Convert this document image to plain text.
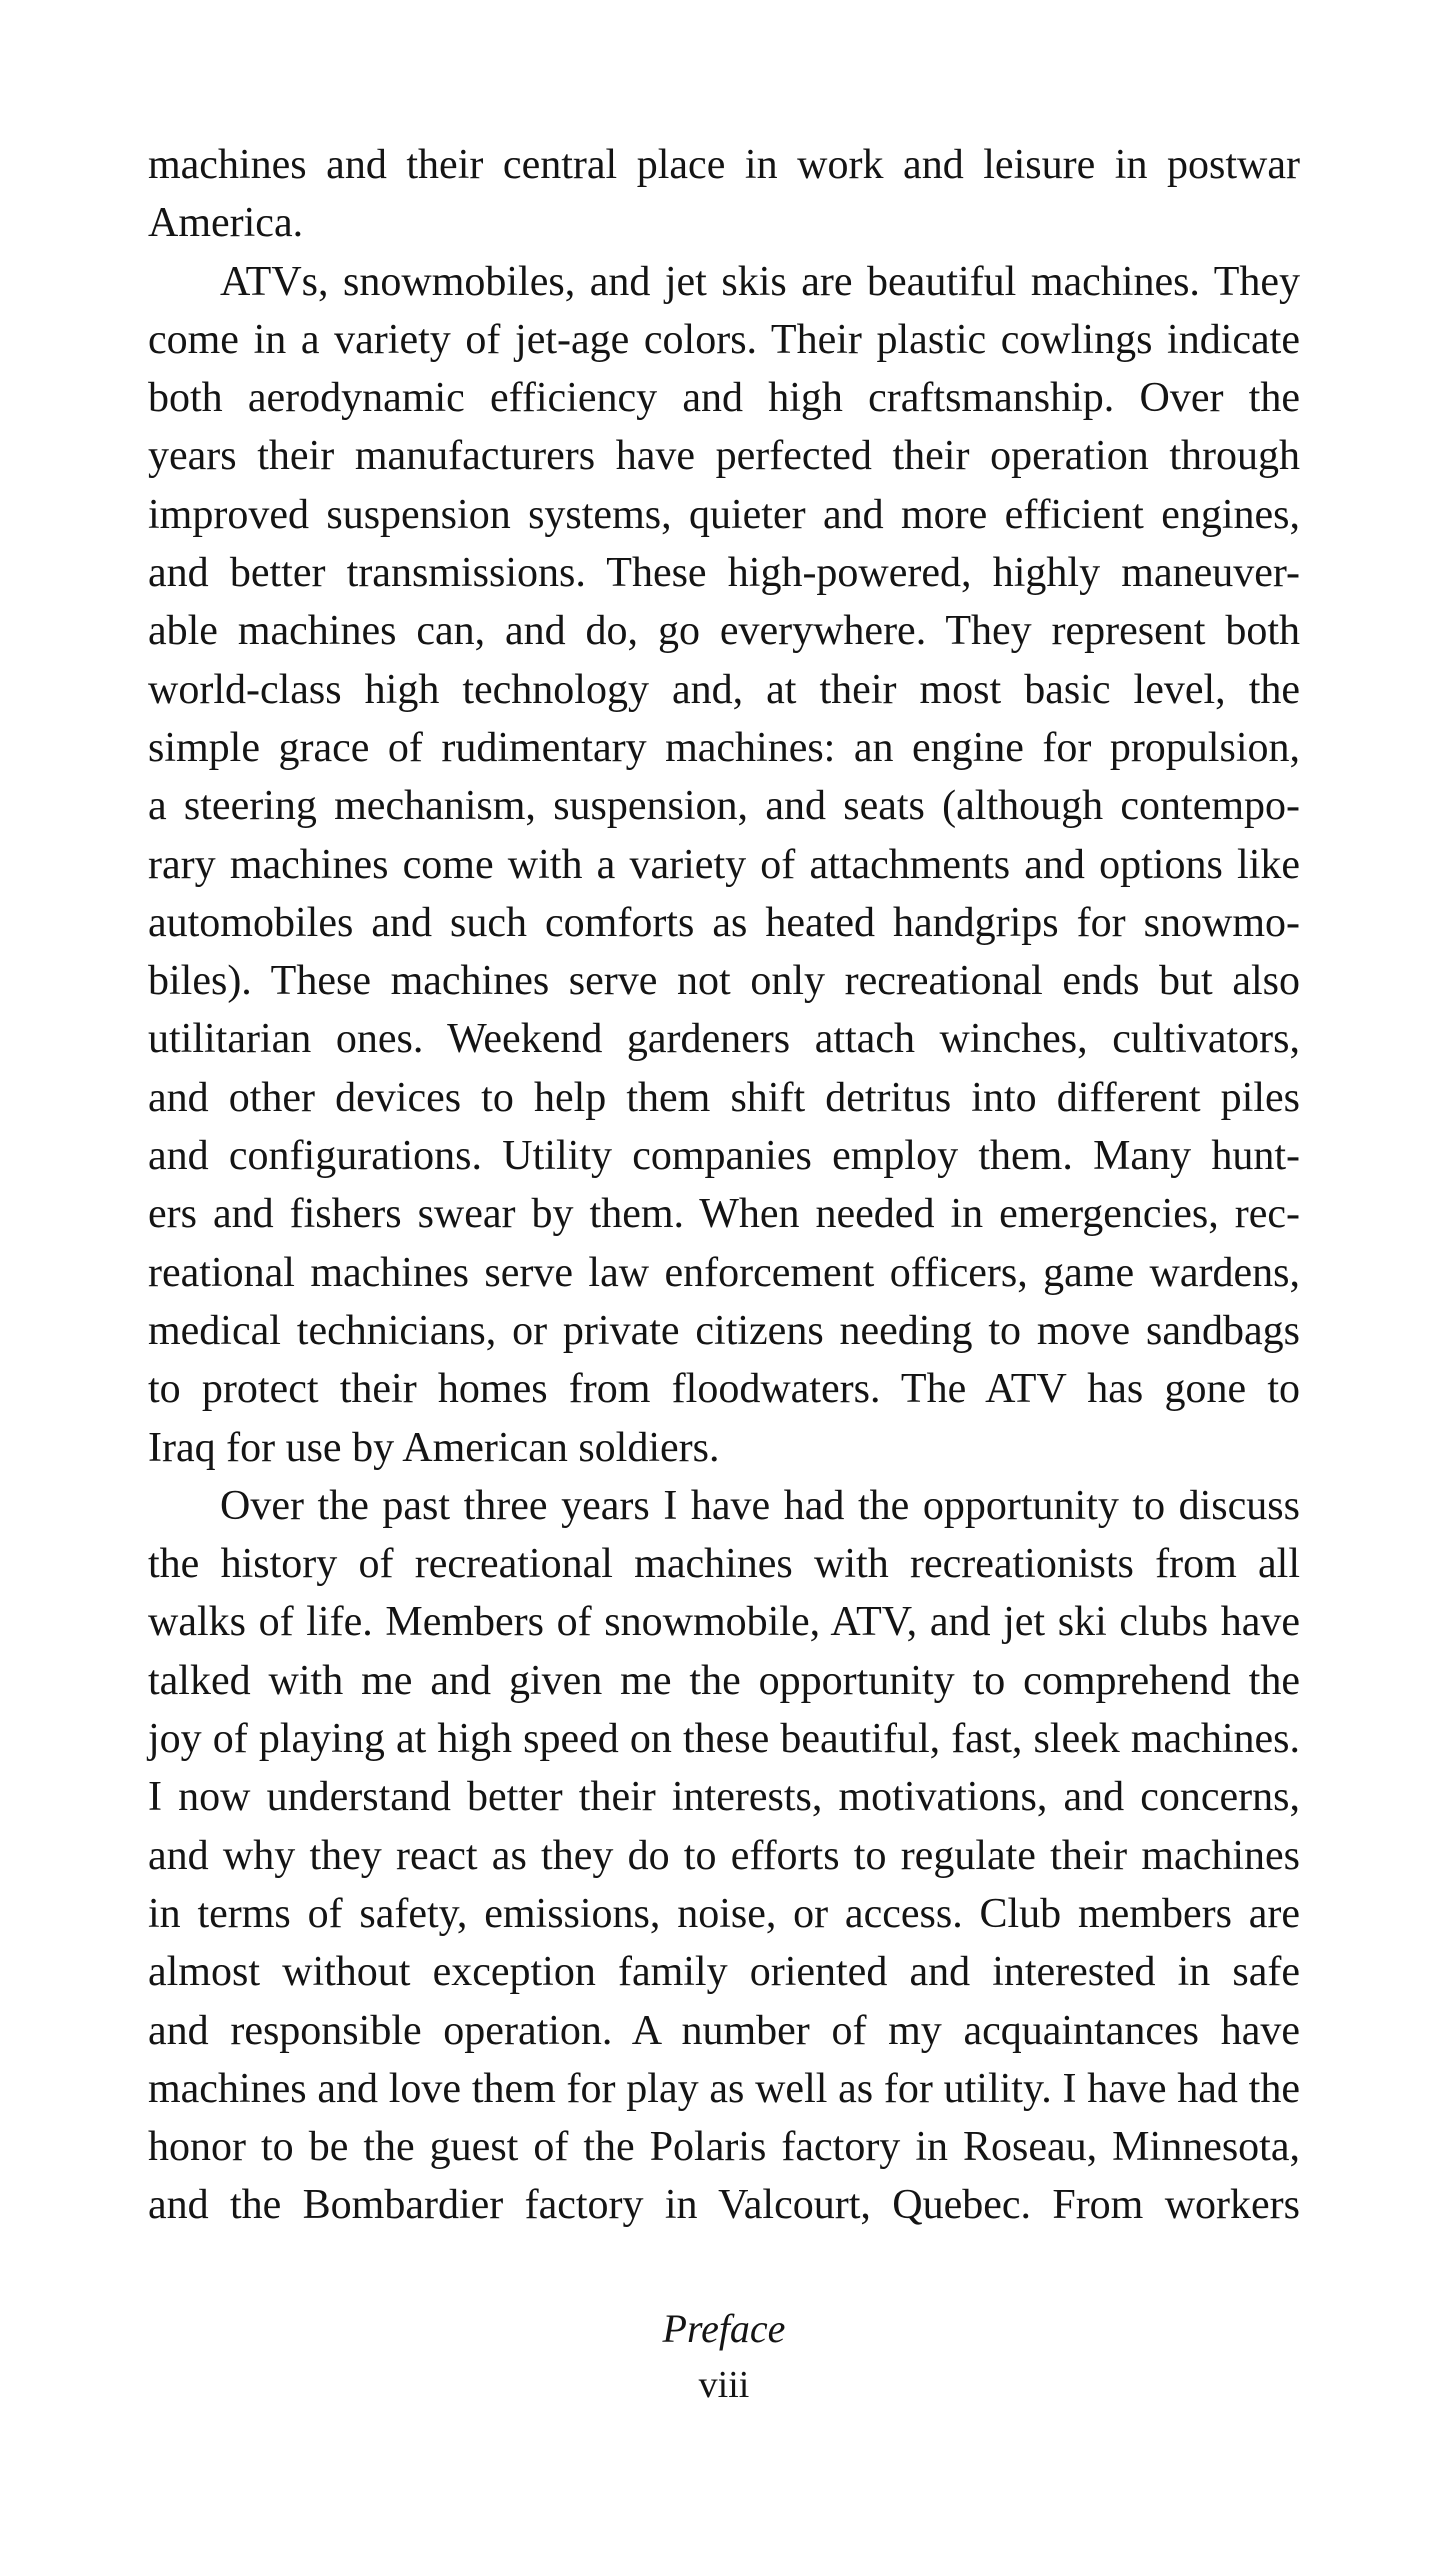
machines and their central place in work and leisure in postwar
America.
ATVs, snowmobiles, and jet skis are beautiful machines. They
come in a variety of jet-age colors. Their plastic cowlings indicate
both aerodynamic efficiency and high craftsmanship. Over the
years their manufacturers have perfected their operation through
improved suspension systems, quieter and more efficient engines,
and better transmissions. These high-powered, highly maneuver-
able machines can, and do, go everywhere. They represent both
world-class high technology and, at their most basic level, the
simple grace of rudimentary machines: an engine for propulsion,
a steering mechanism, suspension, and seats (although contempo-
rary machines come with a variety of attachments and options like
automobiles and such comforts as heated handgrips for snowmo-
biles). These machines serve not only recreational ends but also
utilitarian ones. Weekend gardeners attach winches, cultivators,
and other devices to help them shift detritus into different piles
and configurations. Utility companies employ them. Many hunt-
ers and fishers swear by them. When needed in emergencies, rec-
reational machines serve law enforcement officers, game wardens,
medical technicians, or private citizens needing to move sandbags
to protect their homes from floodwaters. The ATV has gone to
Iraq for use by American soldiers.
Over the past three years I have had the opportunity to discuss
the history of recreational machines with recreationists from all
walks of life. Members of snowmobile, ATV, and jet ski clubs have
talked with me and given me the opportunity to comprehend the
joy of playing at high speed on these beautiful, fast, sleek machines.
I now understand better their interests, motivations, and concerns,
and why they react as they do to efforts to regulate their machines
in terms of safety, emissions, noise, or access. Club members are
almost without exception family oriented and interested in safe
and responsible operation. A number of my acquaintances have
machines and love them for play as well as for utility. I have had the
honor to be the guest of the Polaris factory in Roseau, Minnesota,
and the Bombardier factory in Valcourt, Quebec. From workers
Preface
viii
